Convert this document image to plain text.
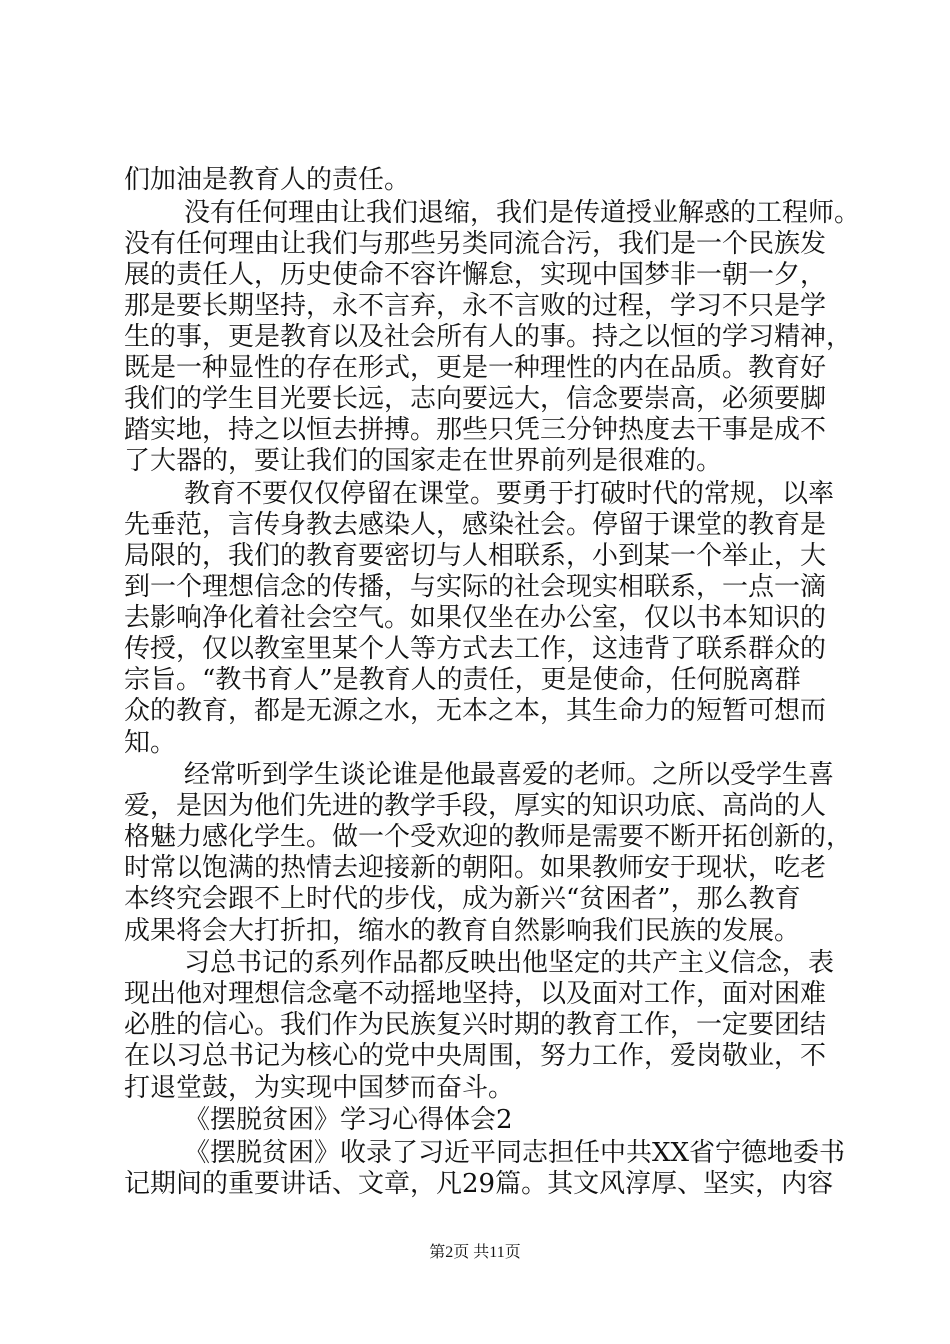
们加油是教育人的责任。
没有任何理由让我们退缩，我们是传道授业解惑的工程师。
没有任何理由让我们与那些另类同流合污，我们是一个民族发
展的责任人，历史使命不容许懈怠，实现中国梦非一朝一夕，
那是要长期坚持，永不言弃，永不言败的过程，学习不只是学
生的事，更是教育以及社会所有人的事。持之以恒的学习精神，
既是一种显性的存在形式，更是一种理性的内在品质。教育好
我们的学生目光要长远，志向要远大，信念要崇高，必须要脚
踏实地，持之以恒去拼搏。那些只凭三分钟热度去干事是成不
了大器的，要让我们的国家走在世界前列是很难的。
教育不要仅仅停留在课堂。要勇于打破时代的常规，以率
先垂范，言传身教去感染人，感染社会。停留于课堂的教育是
局限的，我们的教育要密切与人相联系，小到某一个举止，大
到一个理想信念的传播，与实际的社会现实相联系，一点一滴
去影响净化着社会空气。如果仅坐在办公室，仅以书本知识的
传授，仅以教室里某个人等方式去工作，这违背了联系群众的
宗旨。“教书育人”是教育人的责任，更是使命，任何脱离群
众的教育，都是无源之水，无本之本，其生命力的短暂可想而
知。
经常听到学生谈论谁是他最喜爱的老师。之所以受学生喜
爱，是因为他们先进的教学手段，厚实的知识功底、高尚的人
格魅力感化学生。做一个受欢迎的教师是需要不断开拓创新的，
时常以饱满的热情去迎接新的朝阳。如果教师安于现状，吃老
本终究会跟不上时代的步伐，成为新兴“贫困者”，那么教育
成果将会大打折扣，缩水的教育自然影响我们民族的发展。
习总书记的系列作品都反映出他坚定的共产主义信念，表
现出他对理想信念毫不动摇地坚持，以及面对工作，面对困难
必胜的信心。我们作为民族复兴时期的教育工作，一定要团结
在以习总书记为核心的党中央周围，努力工作，爱岗敬业，不
打退堂鼓，为实现中国梦而奋斗。
《摆脱贫困》学习心得体会2
《摆脱贫困》收录了习近平同志担任中共XX省宁德地委书
记期间的重要讲话、文章，凡29篇。其文风淳厚、坚实，内容
第2页 共11页
